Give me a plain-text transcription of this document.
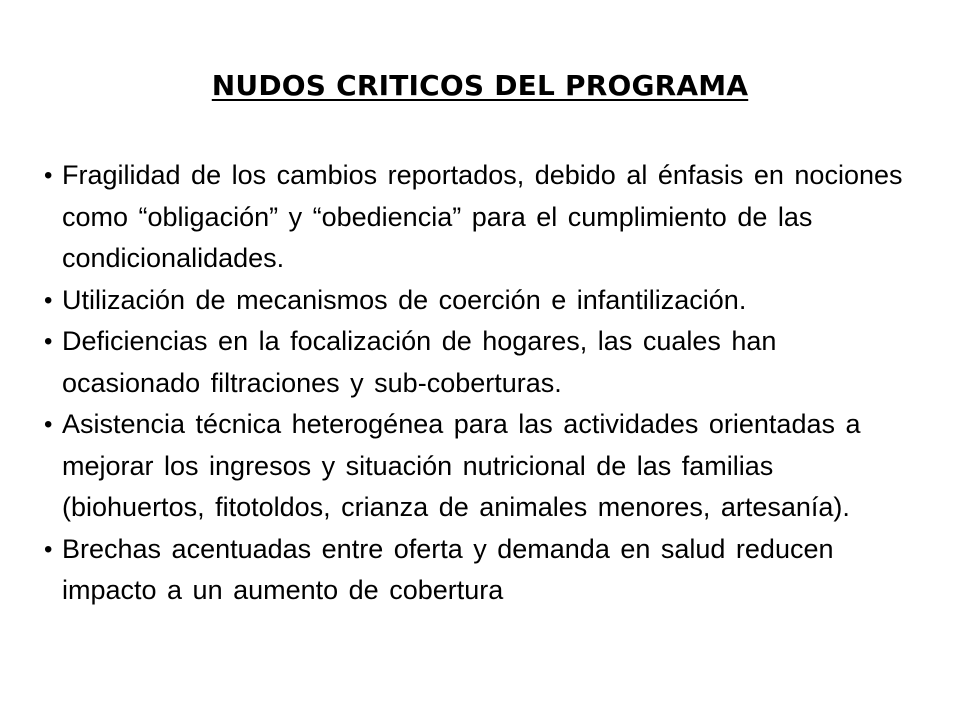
NUDOS CRITICOS DEL PROGRAMA
• Fragilidad de los cambios reportados, debido al énfasis en nociones como “obligación” y “obediencia” para el cumplimiento de las condicionalidades.
• Utilización de mecanismos de coerción e infantilización.
• Deficiencias en la focalización de hogares, las cuales han ocasionado filtraciones y sub-coberturas.
• Asistencia técnica heterogénea para las actividades orientadas a mejorar los ingresos y situación nutricional de las familias (biohuertos, fitotoldos, crianza de animales menores, artesanía).
• Brechas acentuadas entre oferta y demanda en salud reducen impacto a un aumento de cobertura
